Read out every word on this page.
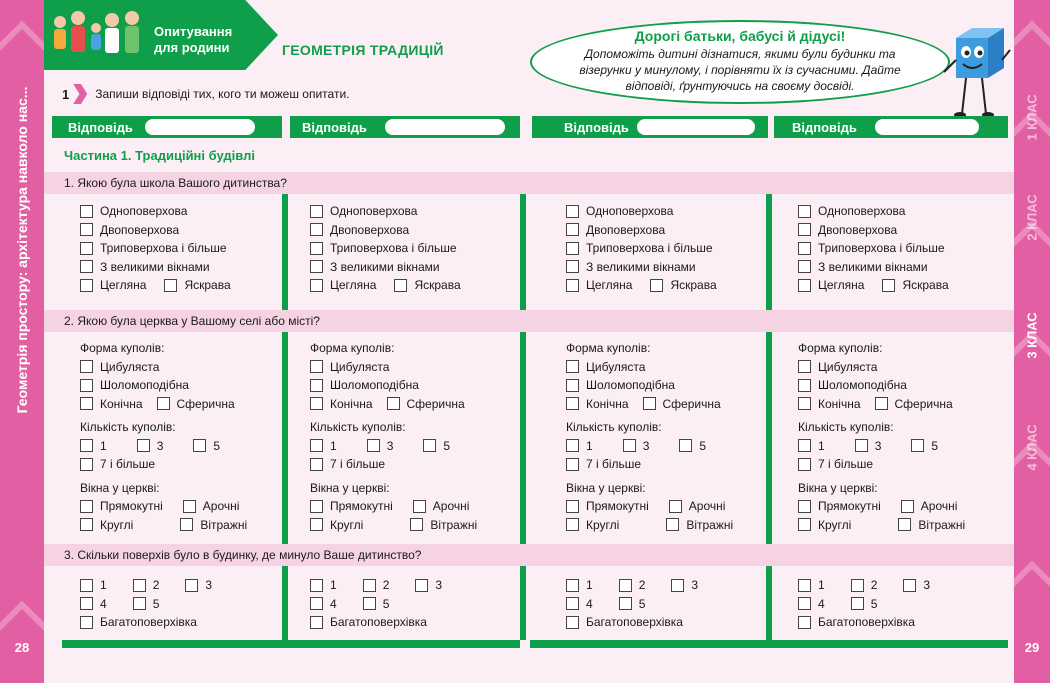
Геометрія простору: архітектура навколо нас...
28	29
1 КЛАС
2 КЛАС
3 КЛАС
4 КЛАС
Опитування
для родини	ГЕОМЕТРІЯ ТРАДИЦІЙ
Дорогі батьки, бабусі й дідусі!
Допоможіть дитині дізнатися, якими були будинки та візерунки у минулому, і порівняти їх із сучасними. Дайте відповіді, ґрунтуючись на своєму досвіді.
1 Запиши відповіді тих, кого ти можеш опитати.
Відповідь	Відповідь	Відповідь	Відповідь
Частина 1. Традиційні будівлі
1. Якою була школа Вашого дитинства?
2. Якою була церква у Вашому селі або місті?
3. Скільки поверхів було в будинку, де минуло Ваше дитинство?
Одноповерхова
Двоповерхова
Триповерхова і більше
З великими вікнами
Цегляна	Яскрава
Одноповерхова
Двоповерхова
Триповерхова і більше
З великими вікнами
Цегляна	Яскрава
Одноповерхова
Двоповерхова
Триповерхова і більше
З великими вікнами
Цегляна	Яскрава
Одноповерхова
Двоповерхова
Триповерхова і більше
З великими вікнами
Цегляна	Яскрава
Форма куполів:
Цибуляста
Шоломоподібна
Конічна	Сферична
Кількість куполів:
1	3	5
7 і більше
Вікна у церкві:
Прямокутні	Арочні
Круглі	Вітражні
Форма куполів:
Цибуляста
Шоломоподібна
Конічна	Сферична
Кількість куполів:
1	3	5
7 і більше
Вікна у церкві:
Прямокутні	Арочні
Круглі	Вітражні
Форма куполів:
Цибуляста
Шоломоподібна
Конічна	Сферична
Кількість куполів:
1	3	5
7 і більше
Вікна у церкві:
Прямокутні	Арочні
Круглі	Вітражні
Форма куполів:
Цибуляста
Шоломоподібна
Конічна	Сферична
Кількість куполів:
1	3	5
7 і більше
Вікна у церкві:
Прямокутні	Арочні
Круглі	Вітражні
1	2	3
4	5
Багатоповерхівка
1	2	3
4	5
Багатоповерхівка
1	2	3
4	5
Багатоповерхівка
1	2	3
4	5
Багатоповерхівка
